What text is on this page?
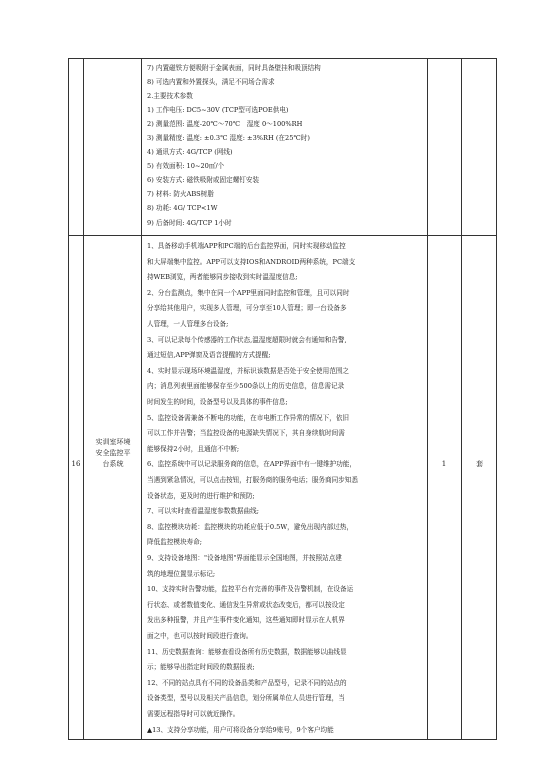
7) 内置磁铁方便吸附于金属表面，同时具备壁挂和吸顶结构
8) 可选内置和外置探头，满足不同场合需求
2.主要技术参数
1) 工作电压: DC5~30V (TCP型可选POE供电)
2) 测量范围: 温度-20℃～70℃　湿度 0～100%RH
3) 测量精度: 温度: ±0.3℃ 湿度: ±3%RH (在25℃时)
4) 通讯方式: 4G/TCP (网线)
5) 有效面积: 10~20㎡/个
6) 安装方式: 磁铁吸附或固定螺钉安装
7) 材料: 防火ABS树脂
8) 功耗: 4G/ TCP<1W
9) 后备时间: 4G/TCP 1小时
16
实训室环境
安全监控平
台系统	1	套
1、具备移动手机端APP和PC端的后台监控界面，同时实现移动监控
和大屏端集中监控。APP可以支持IOS和ANDROID两种系统，PC端支
持WEB浏览，两者能够同步接收到实时温湿度信息;
2、分台监测点，集中在同一个APP里面同时监控和管理，且可以同时
分享给其他用户，实现多人管理，可分享至10人管理；即一台设备多
人管理，一人管理多台设备;
3、可以记录每个传感器的工作状态,温湿度超限时就会有通知和告警,
通过短信,APP弹窗及语音提醒的方式提醒;
4、实时显示现场环境温湿度，并标识该数据是否处于安全使用范围之
内；消息列表里面能够保存至少500条以上的历史信息，信息需记录
时间发生的时间，设备型号以及具体的事件信息;
5、监控设备需兼备不断电的功能，在市电断工作异常的情况下，依旧
可以工作并告警；当监控设备的电源缺失情况下，其自身续航时间需
能够保持2小时，且通信不中断;
6、监控系统中可以记录服务商的信息，在APP界面中有一键维护功能，
当遇到紧急情况，可以点击按钮，打服务商的服务电话；服务商同步知悉
设备状态，更及时的进行维护和预防;
7、可以实时查看温湿度参数数据曲线;
8、监控模块功耗：监控模块的功耗应低于0.5W，避免出现内部过热，
降低监控模块寿命;
9、支持设备地图："设备地图"界面能显示全国地图，并按照站点建
筑的地理位置显示标记;
10、支持实时告警功能，监控平台有完善的事件及告警机制，在设备运
行状态、或者数值变化、通信发生异常或状态改变后，都可以按设定
发出多种报警，并且产生事件变化通知，这些通知即时显示在人机界
面之中，也可以按时间段进行查询。
11、历史数据查询：能够查看设备所有历史数据，数据能够以曲线显
示；能够导出指定时间段的数据报表;
12、不同的站点具有不同的设备品类和产品型号，记录不同的站点的
设备类型，型号以及相关产品信息，划分所属单位人员进行管理，当
需要远程指导时可以就近操作。
▲13、支持分享功能，用户可将设备分享给9账号，9个客户均能
